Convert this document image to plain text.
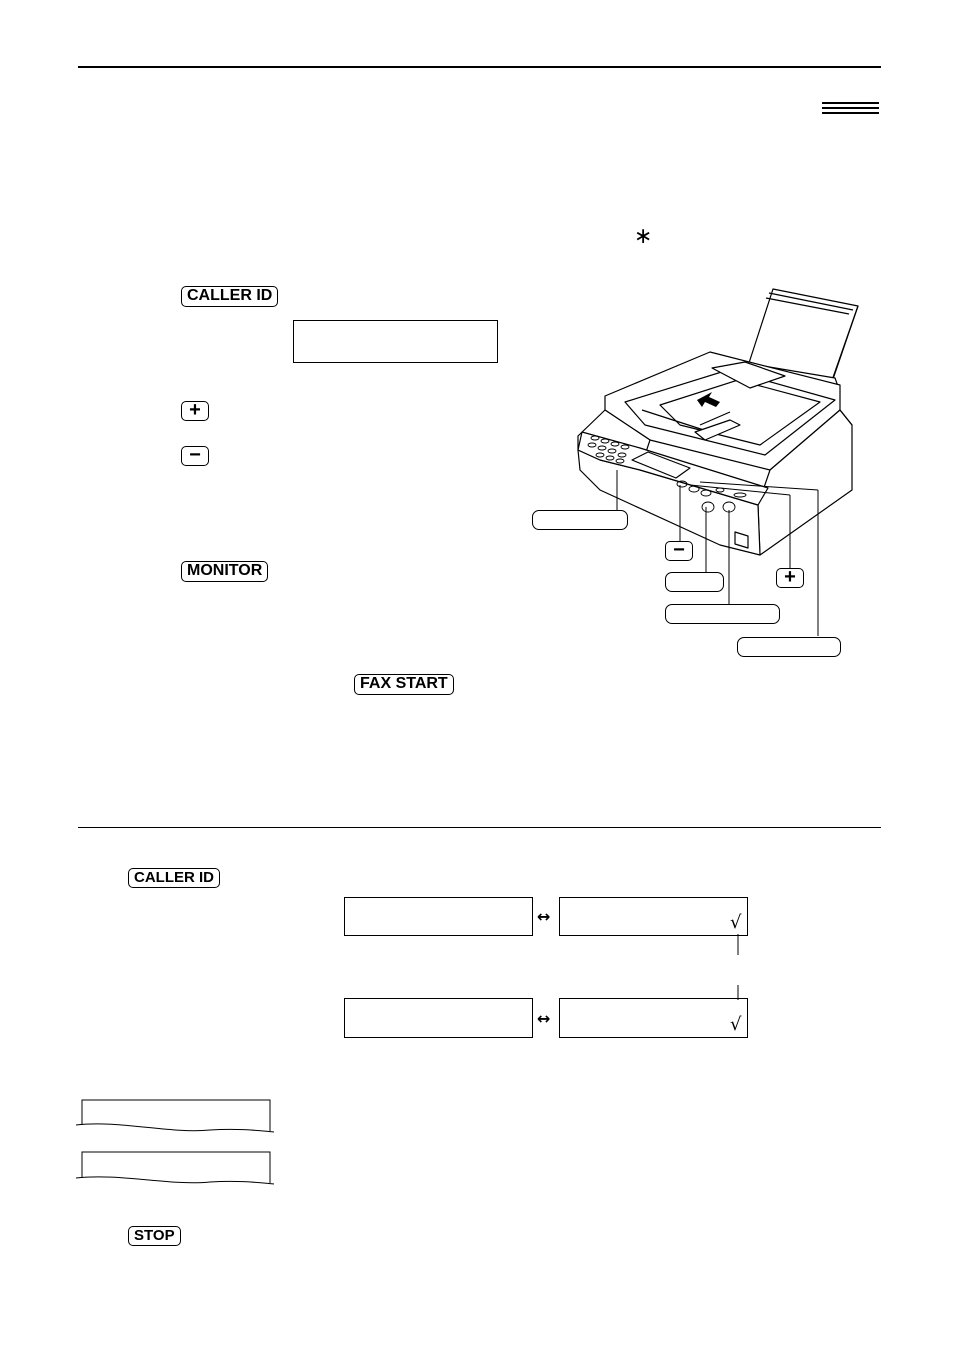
∗
CALLER ID
+
−
MONITOR
FAX START
−
+
CALLER ID
↔	√
↔	√
STOP
